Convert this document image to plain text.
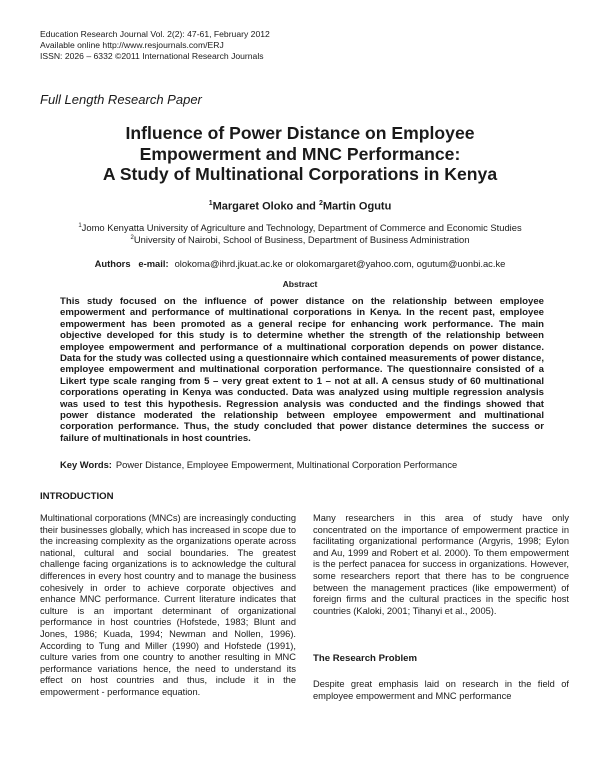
Education Research Journal Vol. 2(2): 47-61, February 2012
Available online http://www.resjournals.com/ERJ
ISSN: 2026 – 6332 ©2011 International Research Journals
Full Length Research Paper
Influence of Power Distance on Employee
Empowerment and MNC Performance:
A Study of Multinational Corporations in Kenya
$^1$Margaret Oloko and $^2$Martin Ogutu
$^1$Jomo Kenyatta University of Agriculture and Technology, Department of Commerce and Economic Studies
$^2$University of Nairobi, School of Business, Department of Business Administration
Authors   e-mail: olokoma@ihrd.jkuat.ac.ke or olokomargaret@yahoo.com, ogutum@uonbi.ac.ke
Abstract
This study focused on the influence of power distance on the relationship between employee empowerment and performance of multinational corporations in Kenya. In the recent past, employee empowerment has been promoted as a general recipe for enhancing work performance. The main objective developed for this study is to determine whether the strength of the relationship between employee empowerment and performance of a multinational corporation depends on power distance. Data for the study was collected using a questionnaire which contained measurements of power distance, employee empowerment and multinational corporation performance. The questionnaire consisted of a Likert type scale ranging from 5 – very great extent to 1 – not at all. A census study of 60 multinational corporations operating in Kenya was conducted. Data was analyzed using multiple regression analysis was used to test this hypothesis. Regression analysis was conducted and the findings showed that power distance moderated the relationship between employee empowerment and multinational corporation performance. Thus, the study concluded that power distance determines the success or failure of multinationals in host countries.
Key Words: Power Distance, Employee Empowerment, Multinational Corporation Performance
INTRODUCTION

Multinational corporations (MNCs) are increasingly conducting their businesses globally, which has increased in scope due to the increasing complexity as the organizations operate across national, cultural and social boundaries. The greatest challenge facing organizations is to acknowledge the cultural differences in every host country and to manage the business cohesively in order to achieve corporate objectives and enhance MNC performance. Current literature indicates that culture is an important determinant of organizational performance in host countries (Hofstede, 1983; Blunt and Jones, 1986; Kuada, 1994; Newman and Nollen, 1996). According to Tung and Miller (1990) and Hofstede (1991), culture varies from one country to another resulting in MNC performance variations hence, the need to understand its effect on host countries and thus, include it in the empowerment - performance equation.

Many researchers in this area of study have only concentrated on the importance of empowerment practice in facilitating organizational performance (Argyris, 1998; Eylon and Au, 1999 and Robert et al. 2000). To them empowerment is the perfect panacea for success in organizations. However, some researchers report that there has to be congruence between the management practices (like empowerment) of foreign firms and the cultural practices in the specific host countries (Kaloki, 2001; Tihanyi et al., 2005).

The Research Problem
Despite great emphasis laid on research in the field of employee empowerment and MNC performance
